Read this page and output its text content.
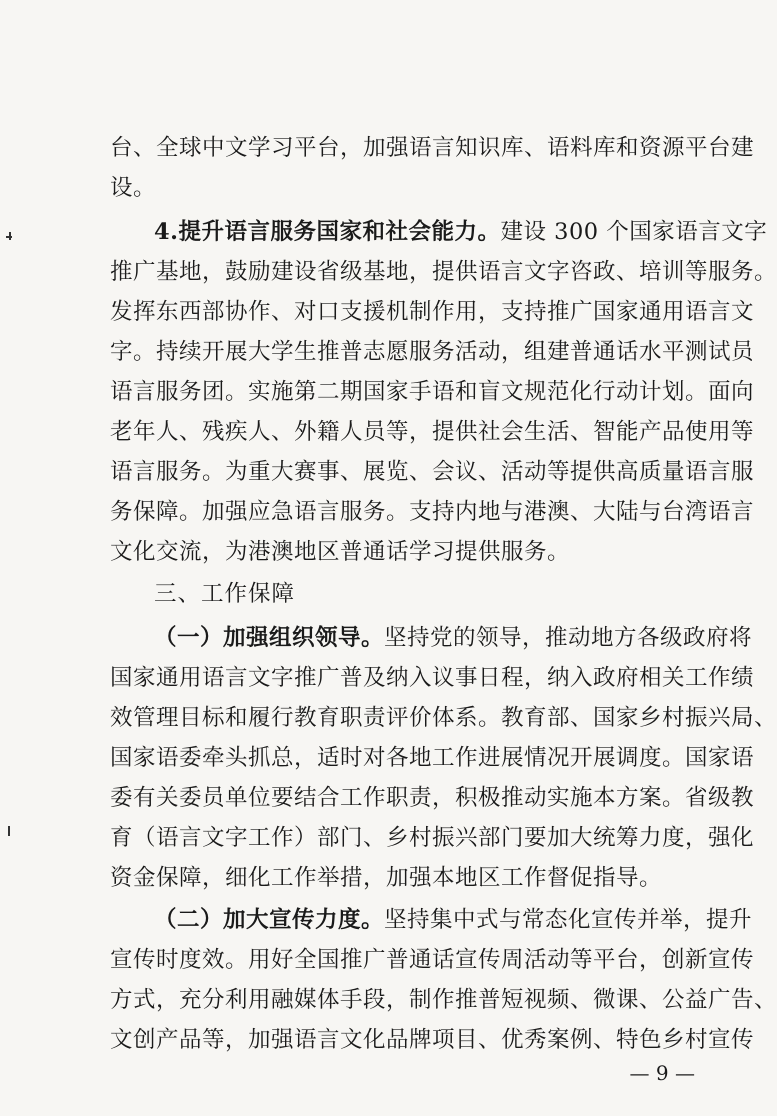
台、全球中文学习平台，加强语言知识库、语料库和资源平台建
设。
4.提升语言服务国家和社会能力。建设 300 个国家语言文字
推广基地，鼓励建设省级基地，提供语言文字咨政、培训等服务。
发挥东西部协作、对口支援机制作用，支持推广国家通用语言文
字。持续开展大学生推普志愿服务活动，组建普通话水平测试员
语言服务团。实施第二期国家手语和盲文规范化行动计划。面向
老年人、残疾人、外籍人员等，提供社会生活、智能产品使用等
语言服务。为重大赛事、展览、会议、活动等提供高质量语言服
务保障。加强应急语言服务。支持内地与港澳、大陆与台湾语言
文化交流，为港澳地区普通话学习提供服务。
三、工作保障
（一）加强组织领导。坚持党的领导，推动地方各级政府将
国家通用语言文字推广普及纳入议事日程，纳入政府相关工作绩
效管理目标和履行教育职责评价体系。教育部、国家乡村振兴局、
国家语委牵头抓总，适时对各地工作进展情况开展调度。国家语
委有关委员单位要结合工作职责，积极推动实施本方案。省级教
育（语言文字工作）部门、乡村振兴部门要加大统筹力度，强化
资金保障，细化工作举措，加强本地区工作督促指导。
（二）加大宣传力度。坚持集中式与常态化宣传并举，提升
宣传时度效。用好全国推广普通话宣传周活动等平台，创新宣传
方式，充分利用融媒体手段，制作推普短视频、微课、公益广告、
文创产品等，加强语言文化品牌项目、优秀案例、特色乡村宣传
— 9 —
